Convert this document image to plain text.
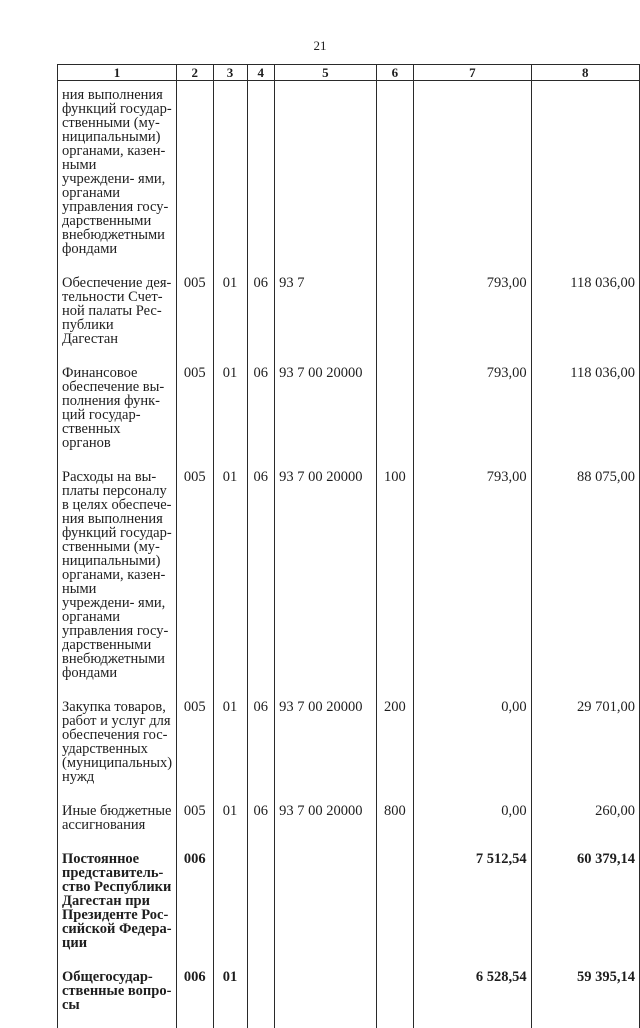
21
1	2	3	4	5	6	7	8
ния выполнения функций государ- ственными (му- ниципальными) органами, казен- ными учреждени- ями, органами управления госу- дарственными внебюджетными фондами							
Обеспечение дея- тельности Счет- ной палаты Рес- публики Дагестан	005	01	06	93 7		793,00	118 036,00
Финансовое обеспечение вы- полнения функ- ций государ- ственных органов	005	01	06	93 7 00 20000		793,00	118 036,00
Расходы на вы- платы персоналу в целях обеспече- ния выполнения функций государ- ственными (му- ниципальными) органами, казен- ными учреждени- ями, органами управления госу- дарственными внебюджетными фондами	005	01	06	93 7 00 20000	100	793,00	88 075,00
Закупка товаров, работ и услуг для обеспечения гос- ударственных (муниципальных) нужд	005	01	06	93 7 00 20000	200	0,00	29 701,00
Иные бюджетные ассигнования	005	01	06	93 7 00 20000	800	0,00	260,00
Постоянное представитель- ство Республики Дагестан при Президенте Рос- сийской Федера- ции	006					7 512,54	60 379,14
Общегосудар- ственные вопро- сы	006	01				6 528,54	59 395,14
